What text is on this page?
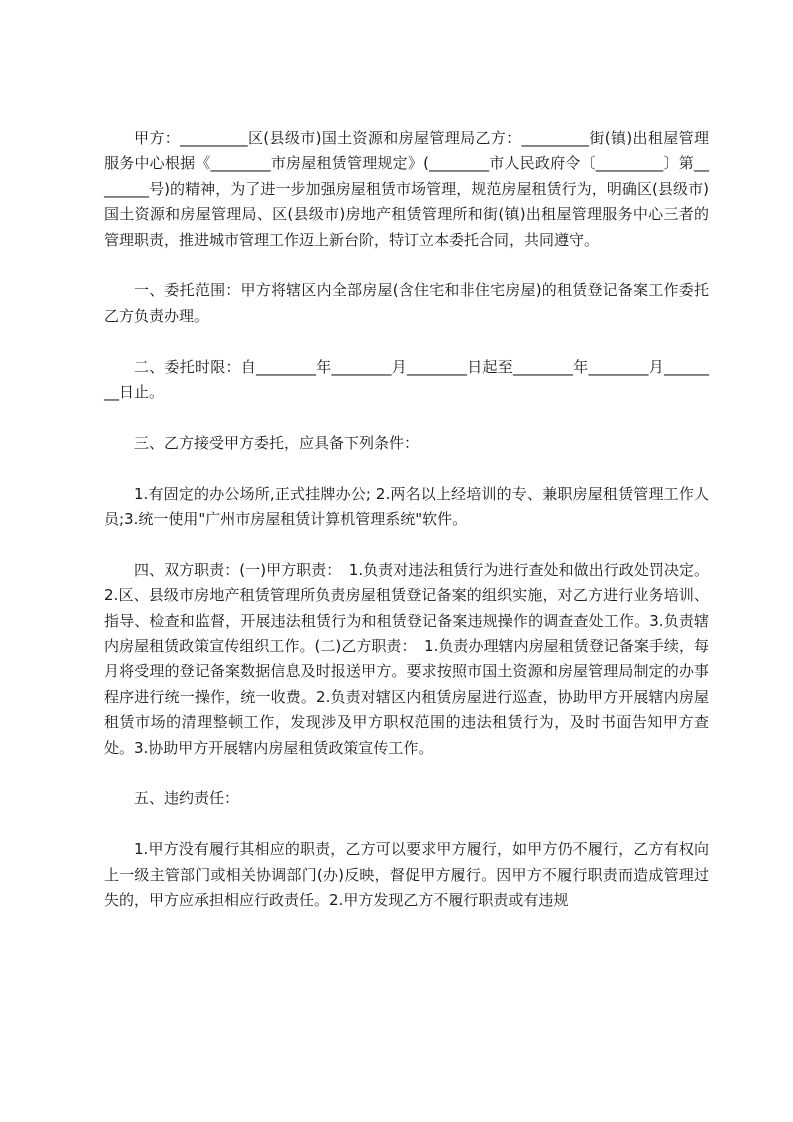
甲方：_________区(县级市)国土资源和房屋管理局乙方：_________街(镇)出租屋管理服务中心根据《________市房屋租赁管理规定》(________市人民政府令〔_________〕第________号)的精神，为了进一步加强房屋租赁市场管理，规范房屋租赁行为，明确区(县级市)国土资源和房屋管理局、区(县级市)房地产租赁管理所和街(镇)出租屋管理服务中心三者的管理职责，推进城市管理工作迈上新台阶，特订立本委托合同，共同遵守。

一、委托范围：甲方将辖区内全部房屋(含住宅和非住宅房屋)的租赁登记备案工作委托乙方负责办理。

二、委托时限：自________年________月________日起至________年________月________日止。

三、乙方接受甲方委托，应具备下列条件：

1.有固定的办公场所,正式挂牌办公; 2.两名以上经培训的专、兼职房屋租赁管理工作人员;3.统一使用"广州市房屋租赁计算机管理系统"软件。

四、双方职责：(一)甲方职责：　1.负责对违法租赁行为进行查处和做出行政处罚决定。2.区、县级市房地产租赁管理所负责房屋租赁登记备案的组织实施，对乙方进行业务培训、指导、检查和监督，开展违法租赁行为和租赁登记备案违规操作的调查查处工作。3.负责辖内房屋租赁政策宣传组织工作。(二)乙方职责：　1.负责办理辖内房屋租赁登记备案手续，每月将受理的登记备案数据信息及时报送甲方。要求按照市国土资源和房屋管理局制定的办事程序进行统一操作，统一收费。2.负责对辖区内租赁房屋进行巡查，协助甲方开展辖内房屋租赁市场的清理整顿工作，发现涉及甲方职权范围的违法租赁行为，及时书面告知甲方查处。3.协助甲方开展辖内房屋租赁政策宣传工作。

五、违约责任：

1.甲方没有履行其相应的职责，乙方可以要求甲方履行，如甲方仍不履行，乙方有权向上一级主管部门或相关协调部门(办)反映，督促甲方履行。因甲方不履行职责而造成管理过失的，甲方应承担相应行政责任。2.甲方发现乙方不履行职责或有违规
